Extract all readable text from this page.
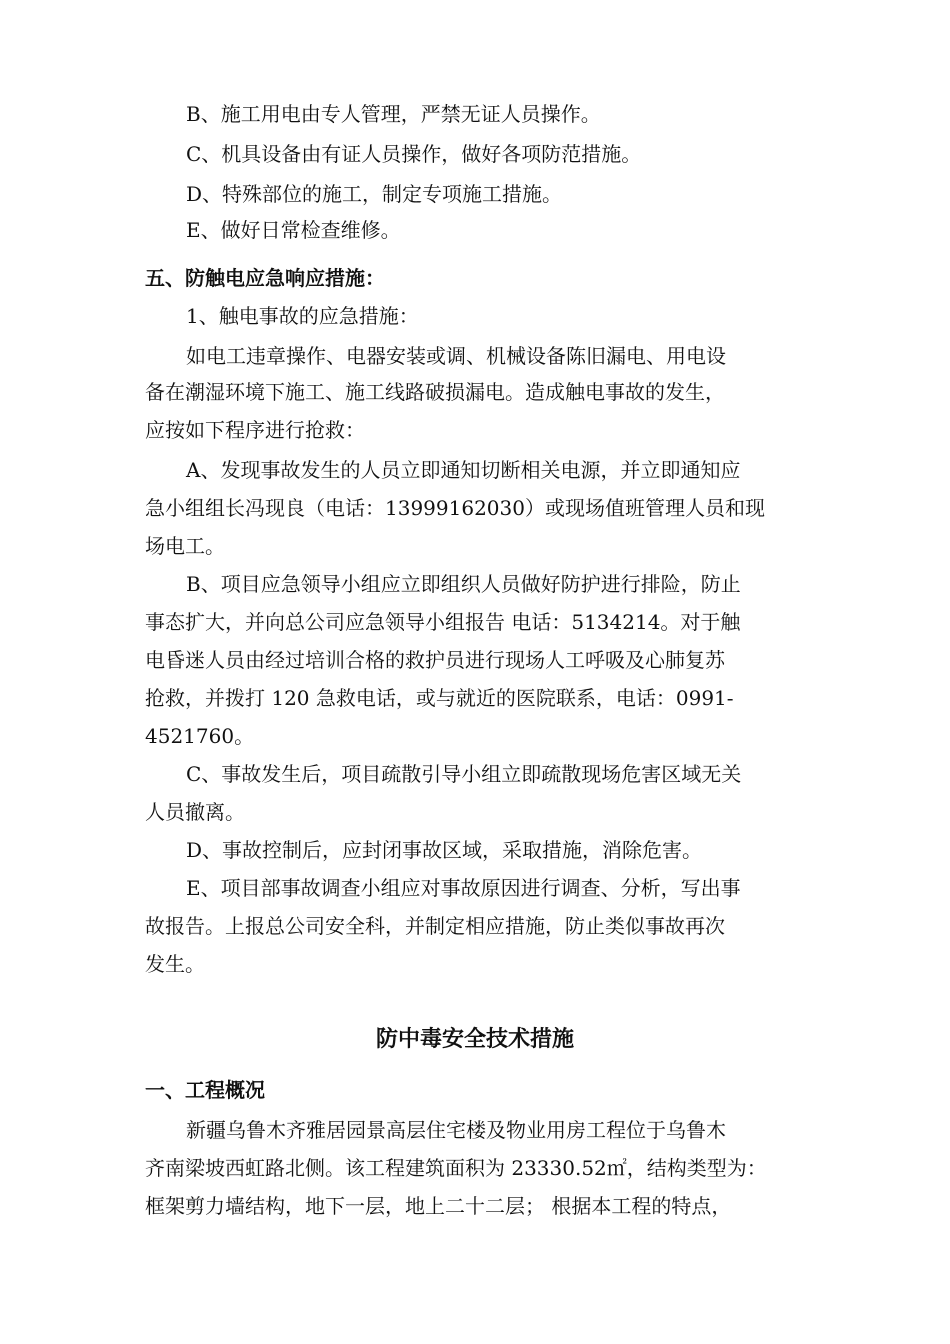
B、施工用电由专人管理，严禁无证人员操作。
C、机具设备由有证人员操作，做好各项防范措施。
D、特殊部位的施工，制定专项施工措施。
E、做好日常检查维修。
五、防触电应急响应措施：
1、触电事故的应急措施：
如电工违章操作、电器安装或调、机械设备陈旧漏电、用电设
备在潮湿环境下施工、施工线路破损漏电。造成触电事故的发生，
应按如下程序进行抢救：
A、发现事故发生的人员立即通知切断相关电源，并立即通知应
急小组组长冯现良（电话：13999162030）或现场值班管理人员和现
场电工。
B、项目应急领导小组应立即组织人员做好防护进行排险，防止
事态扩大，并向总公司应急领导小组报告 电话：5134214。对于触
电昏迷人员由经过培训合格的救护员进行现场人工呼吸及心肺复苏
抢救，并拨打 120 急救电话，或与就近的医院联系，电话：0991-
4521760。
C、事故发生后，项目疏散引导小组立即疏散现场危害区域无关
人员撤离。
D、事故控制后，应封闭事故区域，采取措施，消除危害。
E、项目部事故调查小组应对事故原因进行调查、分析，写出事
故报告。上报总公司安全科，并制定相应措施，防止类似事故再次
发生。
防中毒安全技术措施
一、工程概况
新疆乌鲁木齐雅居园景高层住宅楼及物业用房工程位于乌鲁木
齐南梁坡西虹路北侧。该工程建筑面积为 23330.52㎡，结构类型为：
框架剪力墙结构，地下一层，地上二十二层； 根据本工程的特点，
